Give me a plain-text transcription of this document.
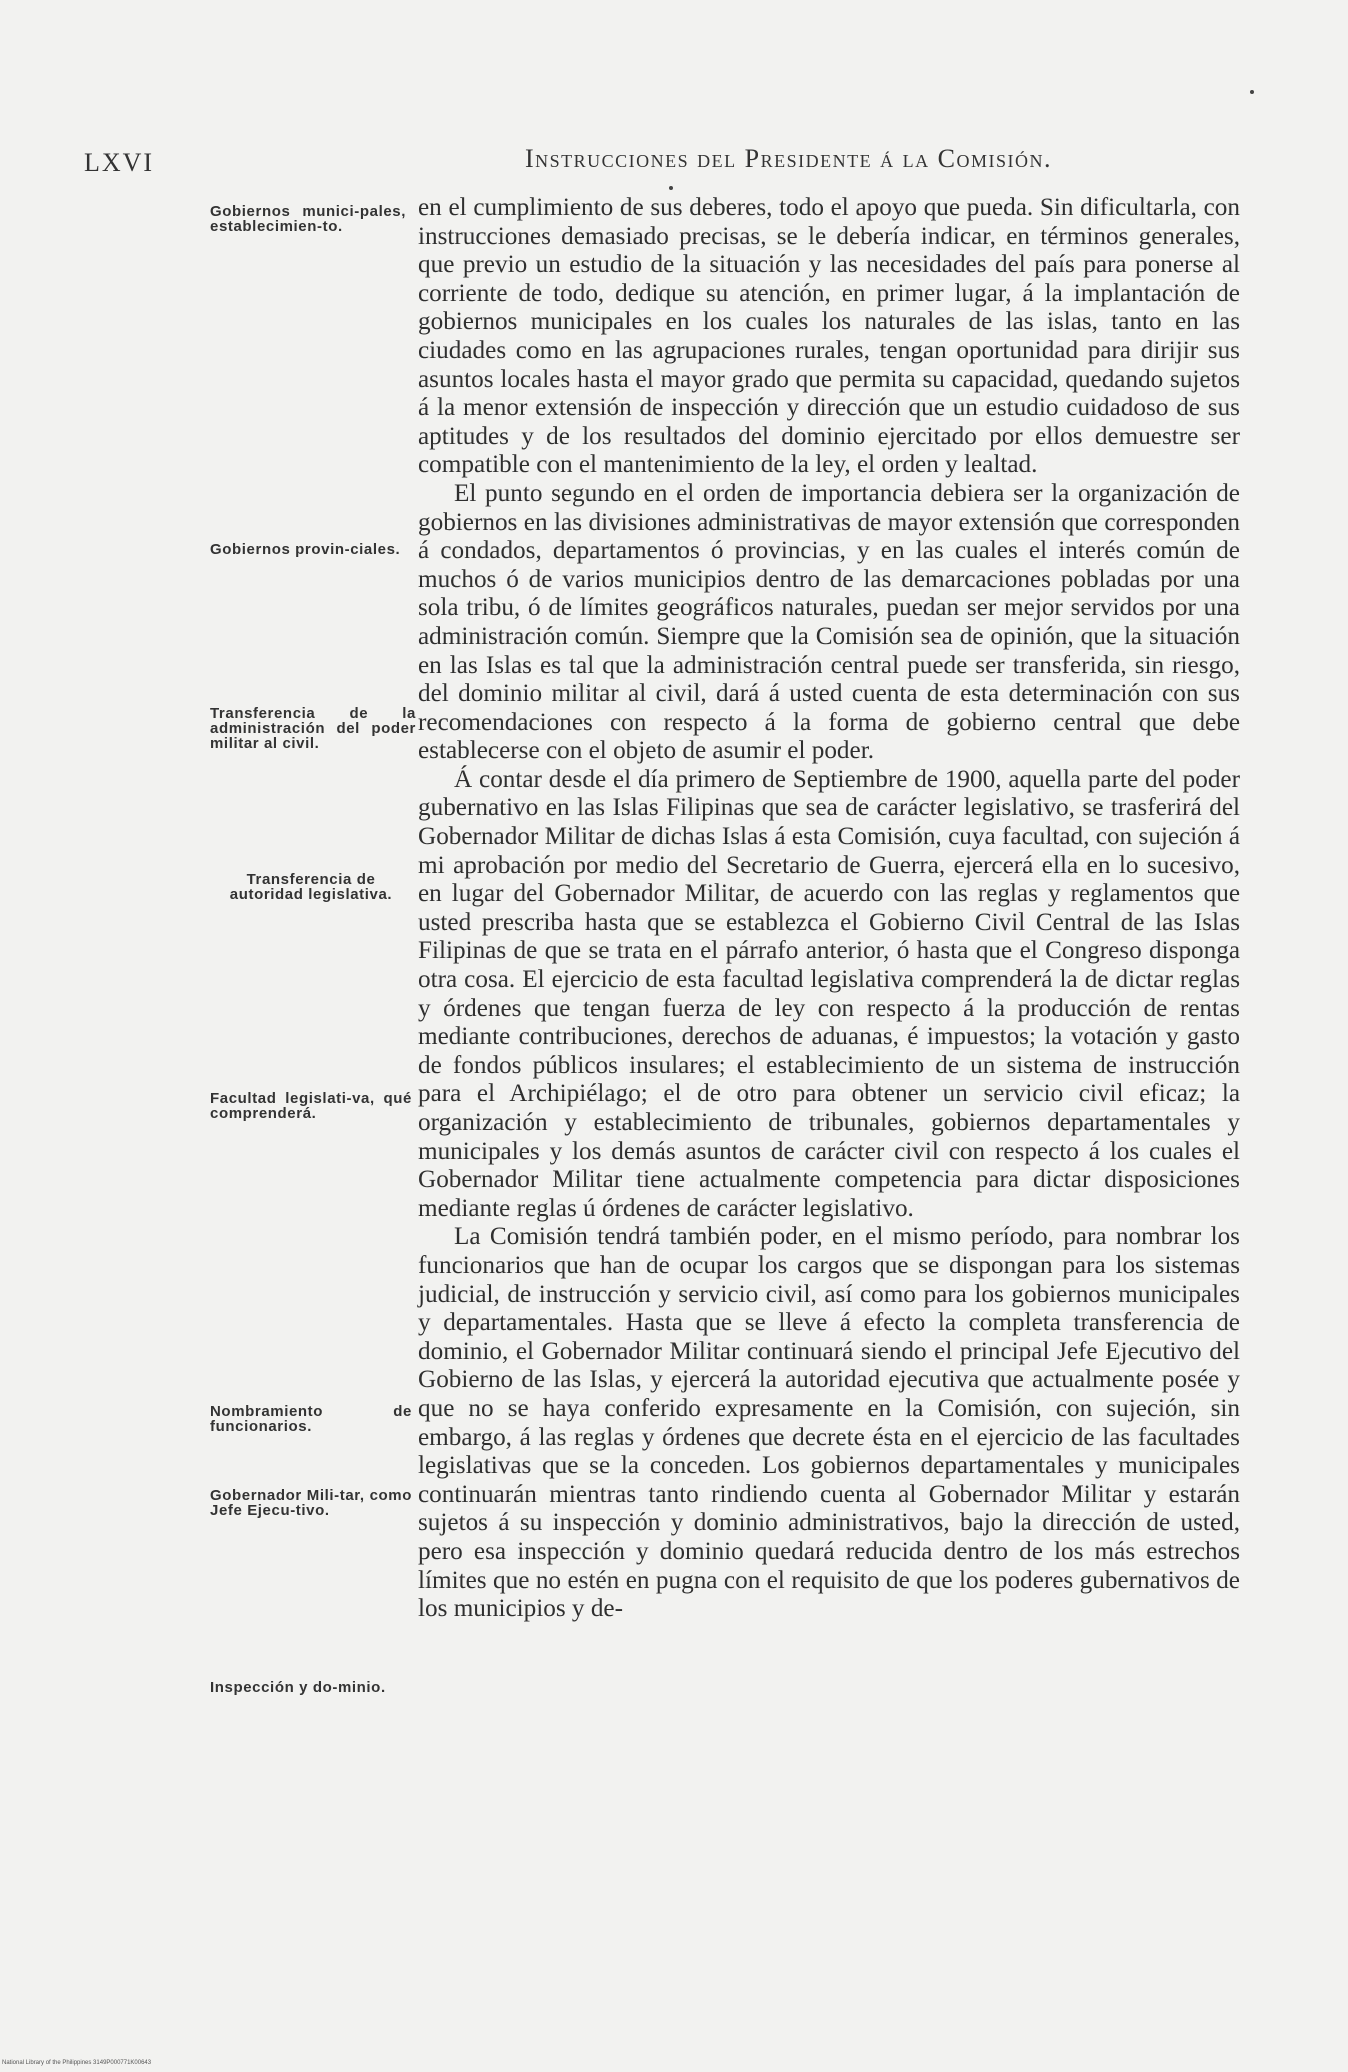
LXVI	Instrucciones del Presidente á la Comisión.
Gobiernos munici-pales, establecimien-to.
Gobiernos provin-ciales.
Transferencia de la administración del poder militar al civil.
Transferencia de autoridad legislativa.
Facultad legislati-va, qué comprenderá.
Nombramiento de funcionarios.
Gobernador Mili-tar, como Jefe Ejecu-tivo.
Inspección y do-minio.

en el cumplimiento de sus deberes, todo el apoyo que pueda. Sin dificultarla, con instrucciones demasiado precisas, se le debería indicar, en términos generales, que previo un estudio de la situación y las necesidades del país para ponerse al corriente de todo, dedique su atención, en primer lugar, á la implantación de gobiernos municipales en los cuales los naturales de las islas, tanto en las ciudades como en las agrupaciones rurales, tengan oportunidad para dirijir sus asuntos locales hasta el mayor grado que permita su capacidad, quedando sujetos á la menor extensión de inspección y dirección que un estudio cuidadoso de sus aptitudes y de los resultados del dominio ejercitado por ellos demuestre ser compatible con el mantenimiento de la ley, el orden y lealtad.

El punto segundo en el orden de importancia debiera ser la organización de gobiernos en las divisiones administrativas de mayor extensión que corresponden á condados, departamentos ó provincias, y en las cuales el interés común de muchos ó de varios municipios dentro de las demarcaciones pobladas por una sola tribu, ó de límites geográficos naturales, puedan ser mejor servidos por una administración común. Siempre que la Comisión sea de opinión, que la situación en las Islas es tal que la administración central puede ser transferida, sin riesgo, del dominio militar al civil, dará á usted cuenta de esta determinación con sus recomendaciones con respecto á la forma de gobierno central que debe establecerse con el objeto de asumir el poder.

Á contar desde el día primero de Septiembre de 1900, aquella parte del poder gubernativo en las Islas Filipinas que sea de carácter legislativo, se trasferirá del Gobernador Militar de dichas Islas á esta Comisión, cuya facultad, con sujeción á mi aprobación por medio del Secretario de Guerra, ejercerá ella en lo sucesivo, en lugar del Gobernador Militar, de acuerdo con las reglas y reglamentos que usted prescriba hasta que se establezca el Gobierno Civil Central de las Islas Filipinas de que se trata en el párrafo anterior, ó hasta que el Congreso disponga otra cosa. El ejercicio de esta facultad legislativa comprenderá la de dictar reglas y órdenes que tengan fuerza de ley con respecto á la producción de rentas mediante contribuciones, derechos de aduanas, é impuestos; la votación y gasto de fondos públicos insulares; el establecimiento de un sistema de instrucción para el Archipiélago; el de otro para obtener un servicio civil eficaz; la organización y establecimiento de tribunales, gobiernos departamentales y municipales y los demás asuntos de carácter civil con respecto á los cuales el Gobernador Militar tiene actualmente competencia para dictar disposiciones mediante reglas ú órdenes de carácter legislativo.

La Comisión tendrá también poder, en el mismo período, para nombrar los funcionarios que han de ocupar los cargos que se dispongan para los sistemas judicial, de instrucción y servicio civil, así como para los gobiernos municipales y departamentales. Hasta que se lleve á efecto la completa transferencia de dominio, el Gobernador Militar continuará siendo el principal Jefe Ejecutivo del Gobierno de las Islas, y ejercerá la autoridad ejecutiva que actualmente posée y que no se haya conferido expresamente en la Comisión, con sujeción, sin embargo, á las reglas y órdenes que decrete ésta en el ejercicio de las facultades legislativas que se la conceden. Los gobiernos departamentales y municipales continuarán mientras tanto rindiendo cuenta al Gobernador Militar y estarán sujetos á su inspección y dominio administrativos, bajo la dirección de usted, pero esa inspección y dominio quedará reducida dentro de los más estrechos límites que no estén en pugna con el requisito de que los poderes gubernativos de los municipios y de-

National Library of the Philippines 3149P000771K00643
